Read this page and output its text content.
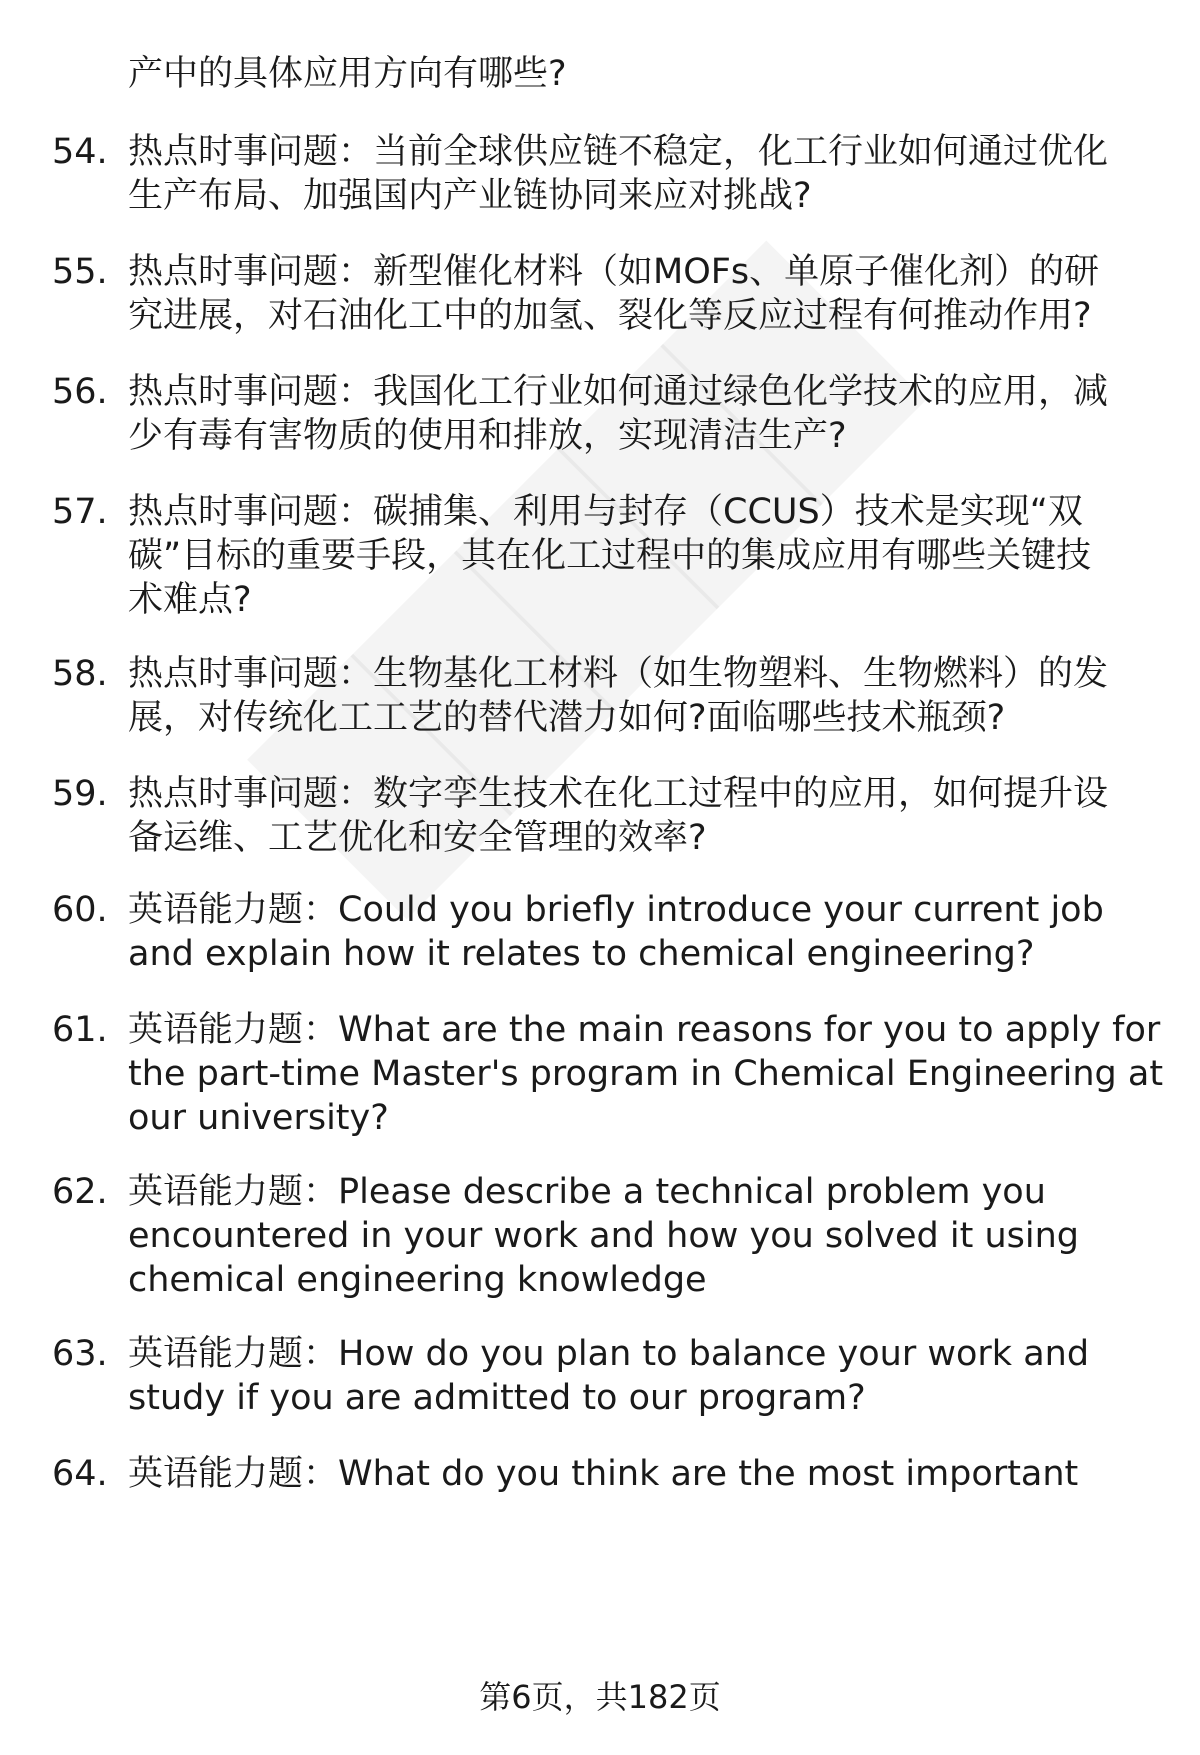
产中的具体应用方向有哪些?
54. 热点时事问题：当前全球供应链不稳定，化工行业如何通过优化
生产布局、加强国内产业链协同来应对挑战?
55. 热点时事问题：新型催化材料（如MOFs、单原子催化剂）的研
究进展，对石油化工中的加氢、裂化等反应过程有何推动作用?
56. 热点时事问题：我国化工行业如何通过绿色化学技术的应用，减
少有毒有害物质的使用和排放，实现清洁生产?
57. 热点时事问题：碳捕集、利用与封存（CCUS）技术是实现“双
碳”目标的重要手段，其在化工过程中的集成应用有哪些关键技
术难点?
58. 热点时事问题：生物基化工材料（如生物塑料、生物燃料）的发
展，对传统化工工艺的替代潜力如何?面临哪些技术瓶颈?
59. 热点时事问题：数字孪生技术在化工过程中的应用，如何提升设
备运维、工艺优化和安全管理的效率?
60. 英语能力题：Could you briefly introduce your current job
and explain how it relates to chemical engineering?
61. 英语能力题：What are the main reasons for you to apply for
the part-time Master's program in Chemical Engineering at
our university?
62. 英语能力题：Please describe a technical problem you
encountered in your work and how you solved it using
chemical engineering knowledge
63. 英语能力题：How do you plan to balance your work and
study if you are admitted to our program?
64. 英语能力题：What do you think are the most important
第6页，共182页
